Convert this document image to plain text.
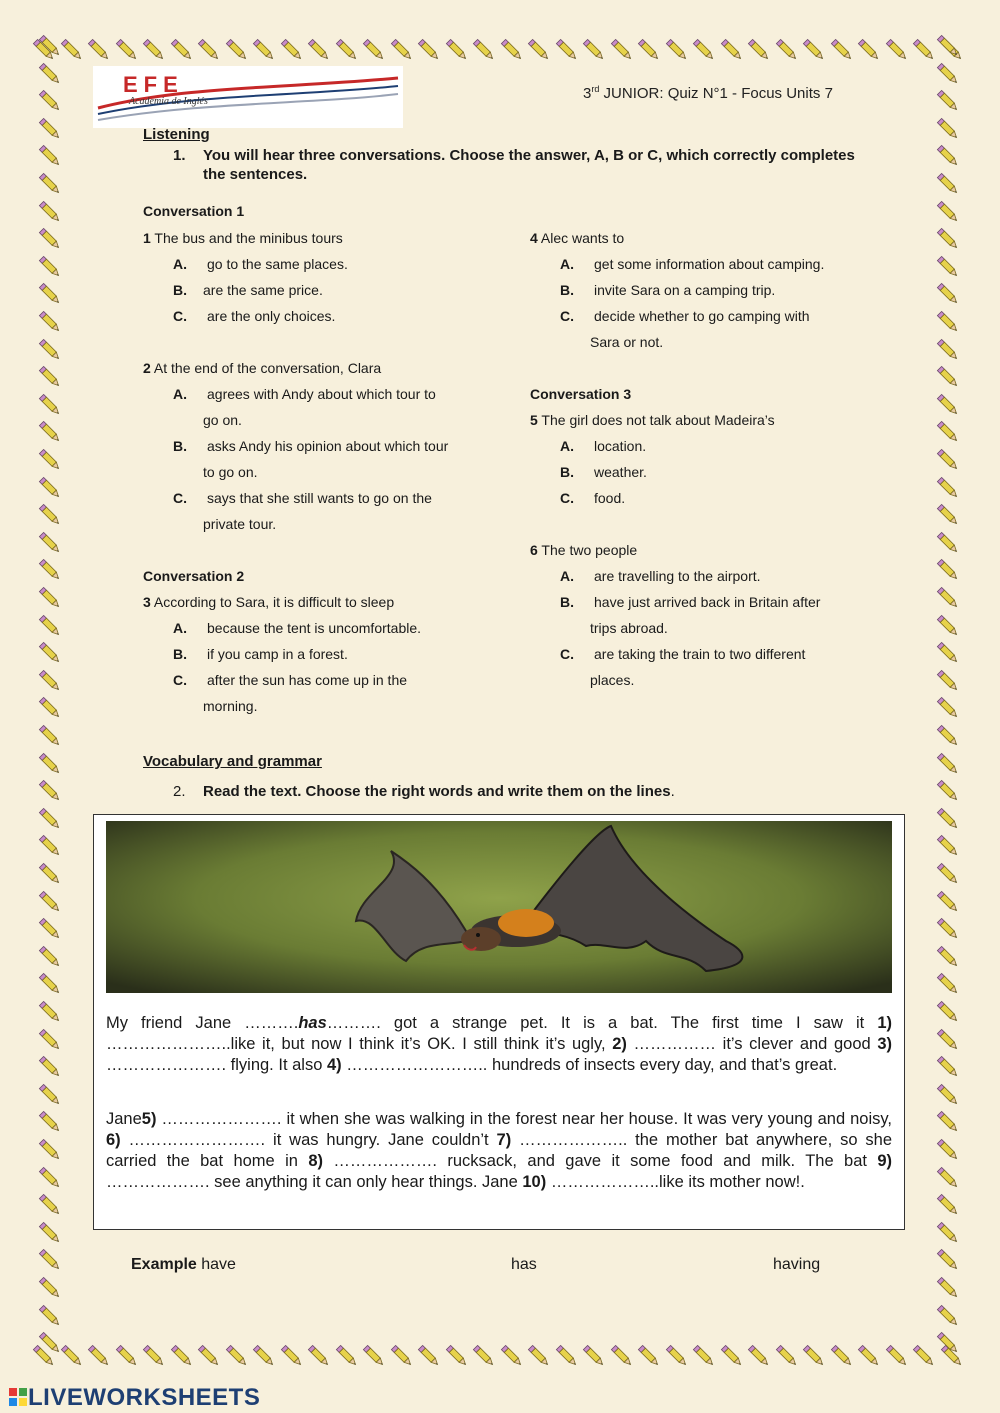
EFE
Academia de Inglés	3rd JUNIOR: Quiz N°1 - Focus Units 7
Listening
1. You will hear three conversations. Choose the answer, A, B or C, which correctly completes the sentences.
Conversation 1
1 The bus and the minibus tours
A. go to the same places.
B. are the same price.
C. are the only choices.
2 At the end of the conversation, Clara
A. agrees with Andy about which tour to
go on.
B. asks Andy his opinion about which tour
to go on.
C. says that she still wants to go on the
private tour.
Conversation 2
3 According to Sara, it is difficult to sleep
A. because the tent is uncomfortable.
B. if you camp in a forest.
C. after the sun has come up in the
morning.
4 Alec wants to
A. get some information about camping.
B. invite Sara on a camping trip.
C. decide whether to go camping with
Sara or not.
Conversation 3
5 The girl does not talk about Madeira’s
A. location.
B. weather.
C. food.
6 The two people
A. are travelling to the airport.
B. have just arrived back in Britain after
trips abroad.
C. are taking the train to two different
places.
Vocabulary and grammar
2. Read the text. Choose the right words and write them on the lines.
My friend Jane ……….has………. got a strange pet. It is a bat. The first time I saw it 1) …………………..like it, but now I think it’s OK. I still think it’s ugly, 2) …………… it’s clever and good 3) …………………. flying. It also 4) …………………….. hundreds of insects every day, and that’s great.
Jane5) …………………. it when she was walking in the forest near her house. It was very young and noisy, 6) ……………………. it was hungry. Jane couldn’t 7) ……………….. the mother bat anywhere, so she carried the bat home in 8) ………………. rucksack, and gave it some food and milk. The bat 9) ………………. see anything it can only hear things. Jane 10) ………………..like its mother now!.
Example have	has	having
LIVEWORKSHEETS
